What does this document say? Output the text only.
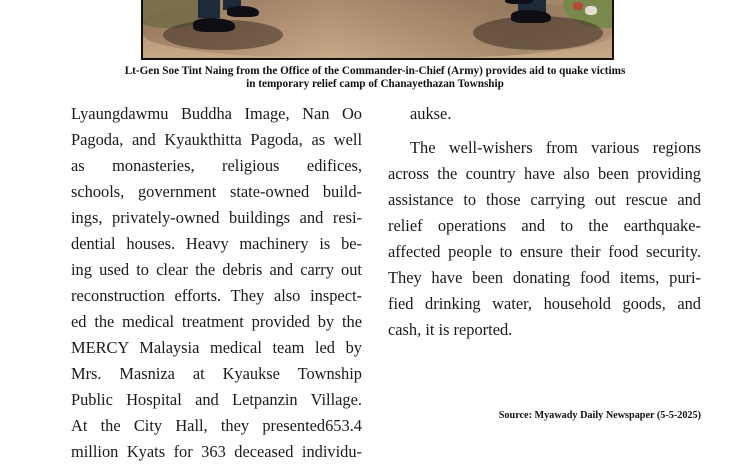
Lt-Gen Soe Tint Naing from the Office of the Commander-in-Chief (Army) provides aid to quake victims
in temporary relief camp of Chanayethazan Township
Lyaungdawmu Buddha Image, Nan Oo
Pagoda, and Kyaukthitta Pagoda, as well
as monasteries, religious edifices,
schools, government state-owned build-
ings, privately-owned buildings and resi-
dential houses. Heavy machinery is be-
ing used to clear the debris and carry out
reconstruction efforts. They also inspect-
ed the medical treatment provided by the
MERCY Malaysia medical team led by
Mrs. Masniza at Kyaukse Township
Public Hospital and Letpanzin Village.
At the City Hall, they presented653.4
million Kyats for 363 deceased individu-
aukse.
The well-wishers from various regions
across the country have also been providing
assistance to those carrying out rescue and
relief operations and to the earthquake-
affected people to ensure their food security.
They have been donating food items, puri-
fied drinking water, household goods, and
cash, it is reported.
Source: Myawady Daily Newspaper (5-5-2025)
